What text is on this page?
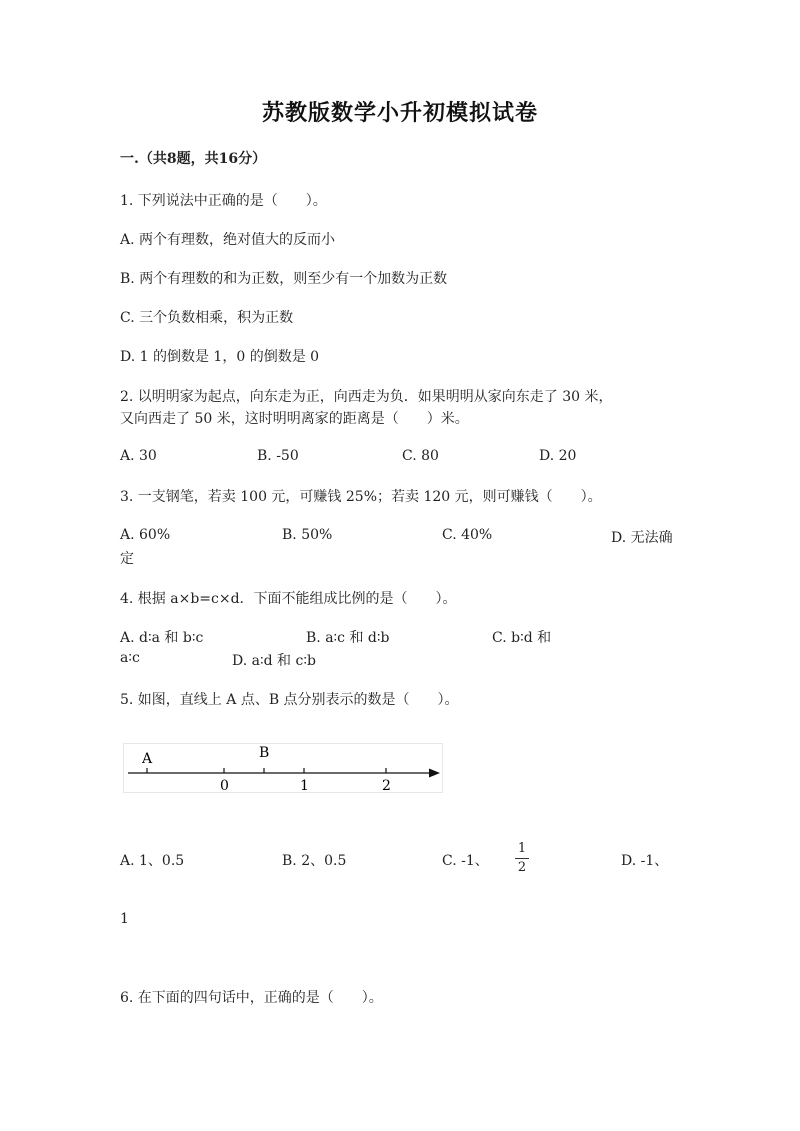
苏教版数学小升初模拟试卷
一.（共8题，共16分）
1. 下列说法中正确的是（　　）。
A. 两个有理数，绝对值大的反而小
B. 两个有理数的和为正数，则至少有一个加数为正数
C. 三个负数相乘，积为正数
D. 1 的倒数是 1，0 的倒数是 0
2. 以明明家为起点，向东走为正，向西走为负．如果明明从家向东走了 30 米，
又向西走了 50 米，这时明明离家的距离是（　　）米。
A. 30	B. -50	C. 80	D. 20
3. 一支钢笔，若卖 100 元，可赚钱 25%；若卖 120 元，则可赚钱（　　）。
A. 60%	B. 50%	C. 40%	D. 无法确
定
4. 根据 a×b=c×d．下面不能组成比例的是（　　）。
A. d∶a 和 b∶c	B. a∶c 和 d∶b	C. b∶d 和
a∶c	D. a∶d 和 c∶b
5. 如图，直线上 A 点、B 点分别表示的数是（　　）。
A	B
0	1	2
A. 1、0.5	B. 2、0.5	C. -1、
1
2	D. -1、
1
6. 在下面的四句话中，正确的是（　　）。
